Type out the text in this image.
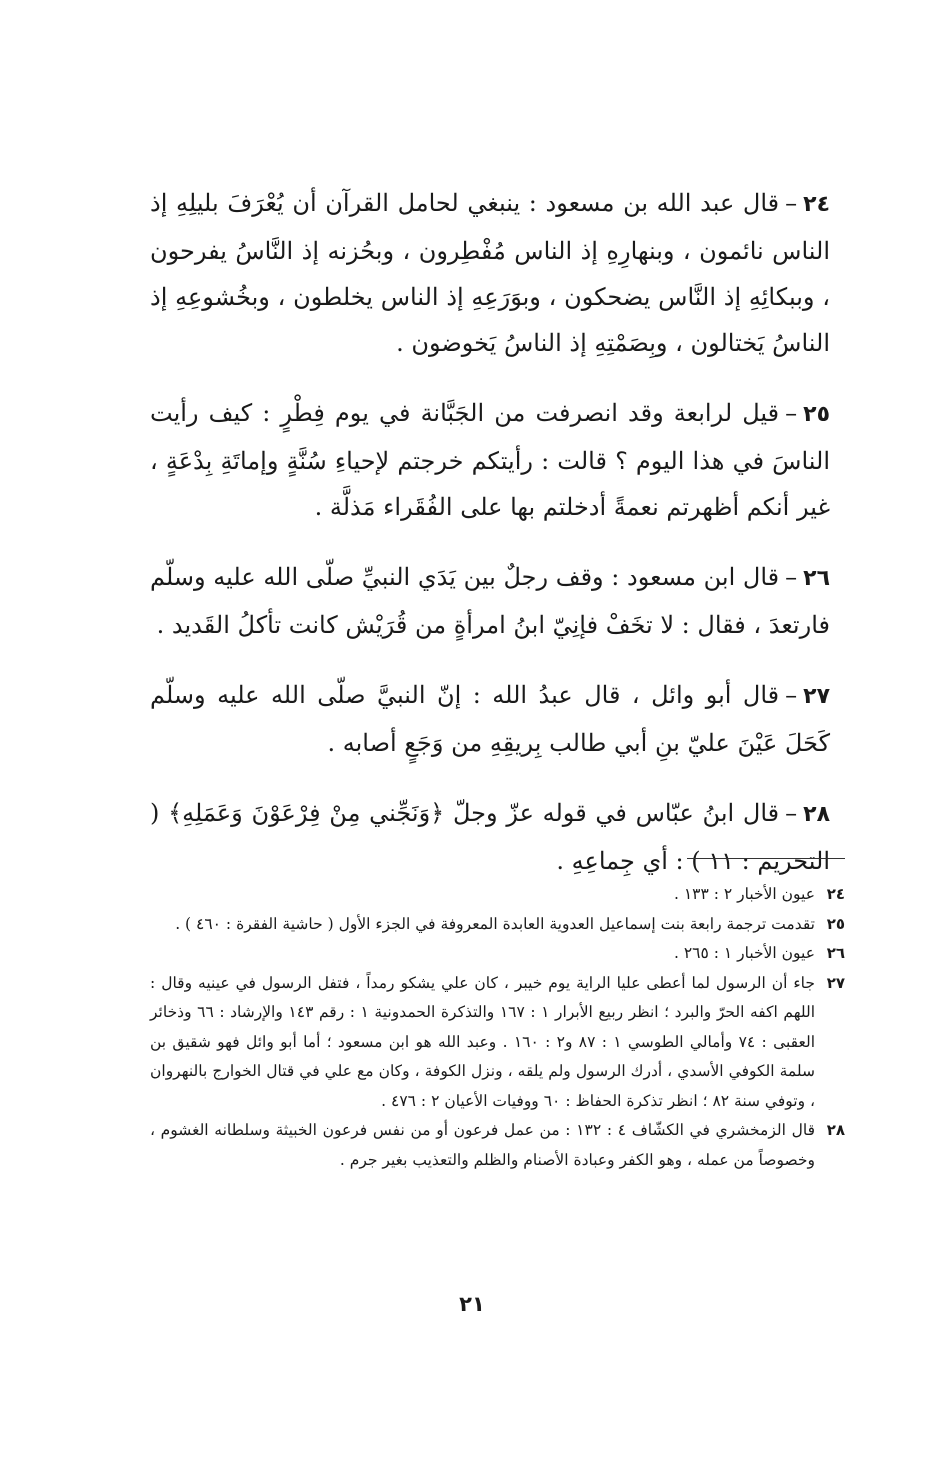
٢٤–قال عبد الله بن مسعود : ينبغي لحامل القرآن أن يُعْرَفَ بليلِهِ إذ الناس نائمون ، وبنهارِهِ إذ الناس مُفْطِرون ، وبحُزنه إذ النَّاسُ يفرحون ، وببكائِهِ إذ النَّاس يضحكون ، وبوَرَعِهِ إذ الناس يخلطون ، وبخُشوعِهِ إذ الناسُ يَختالون ، وبِصَمْتِهِ إذ الناسُ يَخوضون .

٢٥–قيل لرابعة وقد انصرفت من الجَبَّانة في يوم فِطْرٍ : كيف رأيت الناسَ في هذا اليوم ؟ قالت : رأيتكم خرجتم لإحياءِ سُنَّةٍ وإماتَةِ بِدْعَةٍ ، غير أنكم أظهرتم نعمةً أدخلتم بها على الفُقَراء مَذلَّة .

٢٦–قال ابن مسعود : وقف رجلٌ بين يَدَي النبيِّ صلّى الله عليه وسلّم فارتعدَ ، فقال : لا تخَفْ فإنِيّ ابنُ امرأةٍ من قُرَيْش كانت تأكلُ القَديد .

٢٧–قال أبو وائل ، قال عبدُ الله : إنّ النبيَّ صلّى الله عليه وسلّم كَحَلَ عَيْنَ عليّ بنِ أبي طالب بِريقِهِ من وَجَعٍ أصابه .

٢٨–قال ابنُ عبّاس في قوله عزّ وجلّ ﴿وَنَجِّني مِنْ فِرْعَوْنَ وَعَمَلِهِ﴾ ( التحريم : ١١ ) : أي جِماعِهِ .

٢٤
عيون الأخبار ٢ : ١٣٣ .
٢٥
تقدمت ترجمة رابعة بنت إسماعيل العدوية العابدة المعروفة في الجزء الأول ( حاشية الفقرة : ٤٦٠ ) .
٢٦
عيون الأخبار ١ : ٢٦٥ .
٢٧
جاء أن الرسول لما أعطى عليا الراية يوم خيبر ، كان علي يشكو رمداً ، فتفل الرسول في عينيه وقال : اللهم اكفه الحرّ والبرد ؛ انظر ربيع الأبرار ١ : ١٦٧ والتذكرة الحمدونية ١ : رقم ١٤٣ والإرشاد : ٦٦ وذخائر العقبى : ٧٤ وأمالي الطوسي ١ : ٨٧ و٢ : ١٦٠ . وعبد الله هو ابن مسعود ؛ أما أبو وائل فهو شقيق بن سلمة الكوفي الأسدي ، أدرك الرسول ولم يلقه ، ونزل الكوفة ، وكان مع علي في قتال الخوارج بالنهروان ، وتوفي سنة ٨٢ ؛ انظر تذكرة الحفاظ : ٦٠ ووفيات الأعيان ٢ : ٤٧٦ .
٢٨
قال الزمخشري في الكشّاف ٤ : ١٣٢ : من عمل فرعون أو من نفس فرعون الخبيثة وسلطانه الغشوم ، وخصوصاً من عمله ، وهو الكفر وعبادة الأصنام والظلم والتعذيب بغير جرم .
٢١
